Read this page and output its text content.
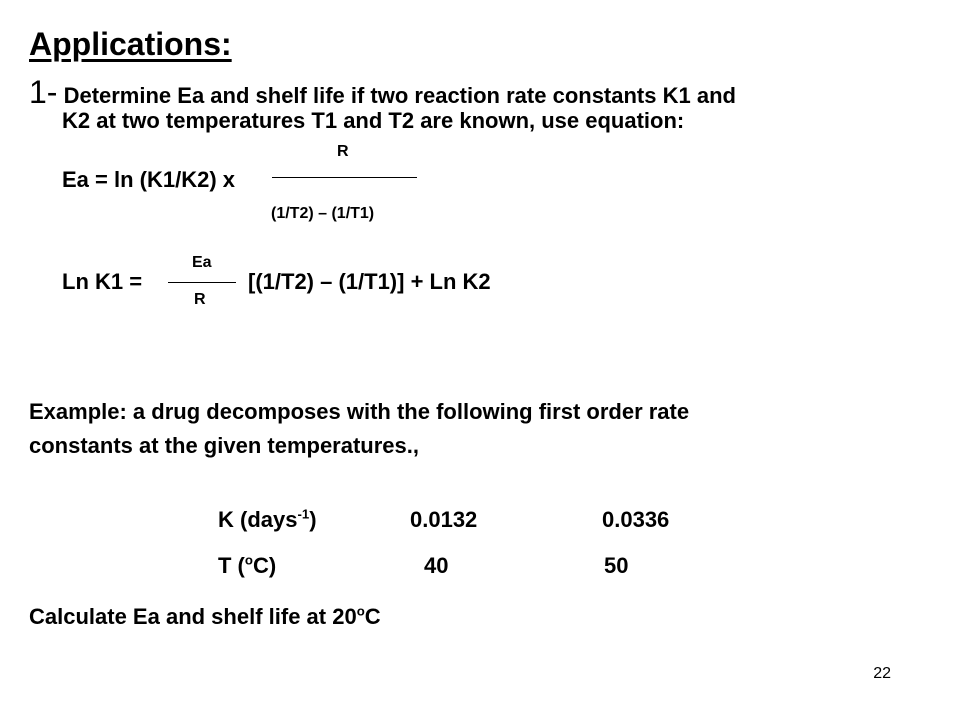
Applications:
1- Determine Ea and shelf life if two reaction rate constants K1 and
K2 at two temperatures T1 and T2 are known, use equation:
R
Ea = ln (K1/K2) x
(1/T2) – (1/T1)
Ea
Ln K1 =	[(1/T2) – (1/T1)] + Ln K2
R
Example: a drug decomposes with the following first order rate
constants at the given temperatures.,
K (days$^{-1}$)	0.0132	0.0336
T ($^o$C)	40	50
Calculate Ea and shelf life at 20$^o$C
22
